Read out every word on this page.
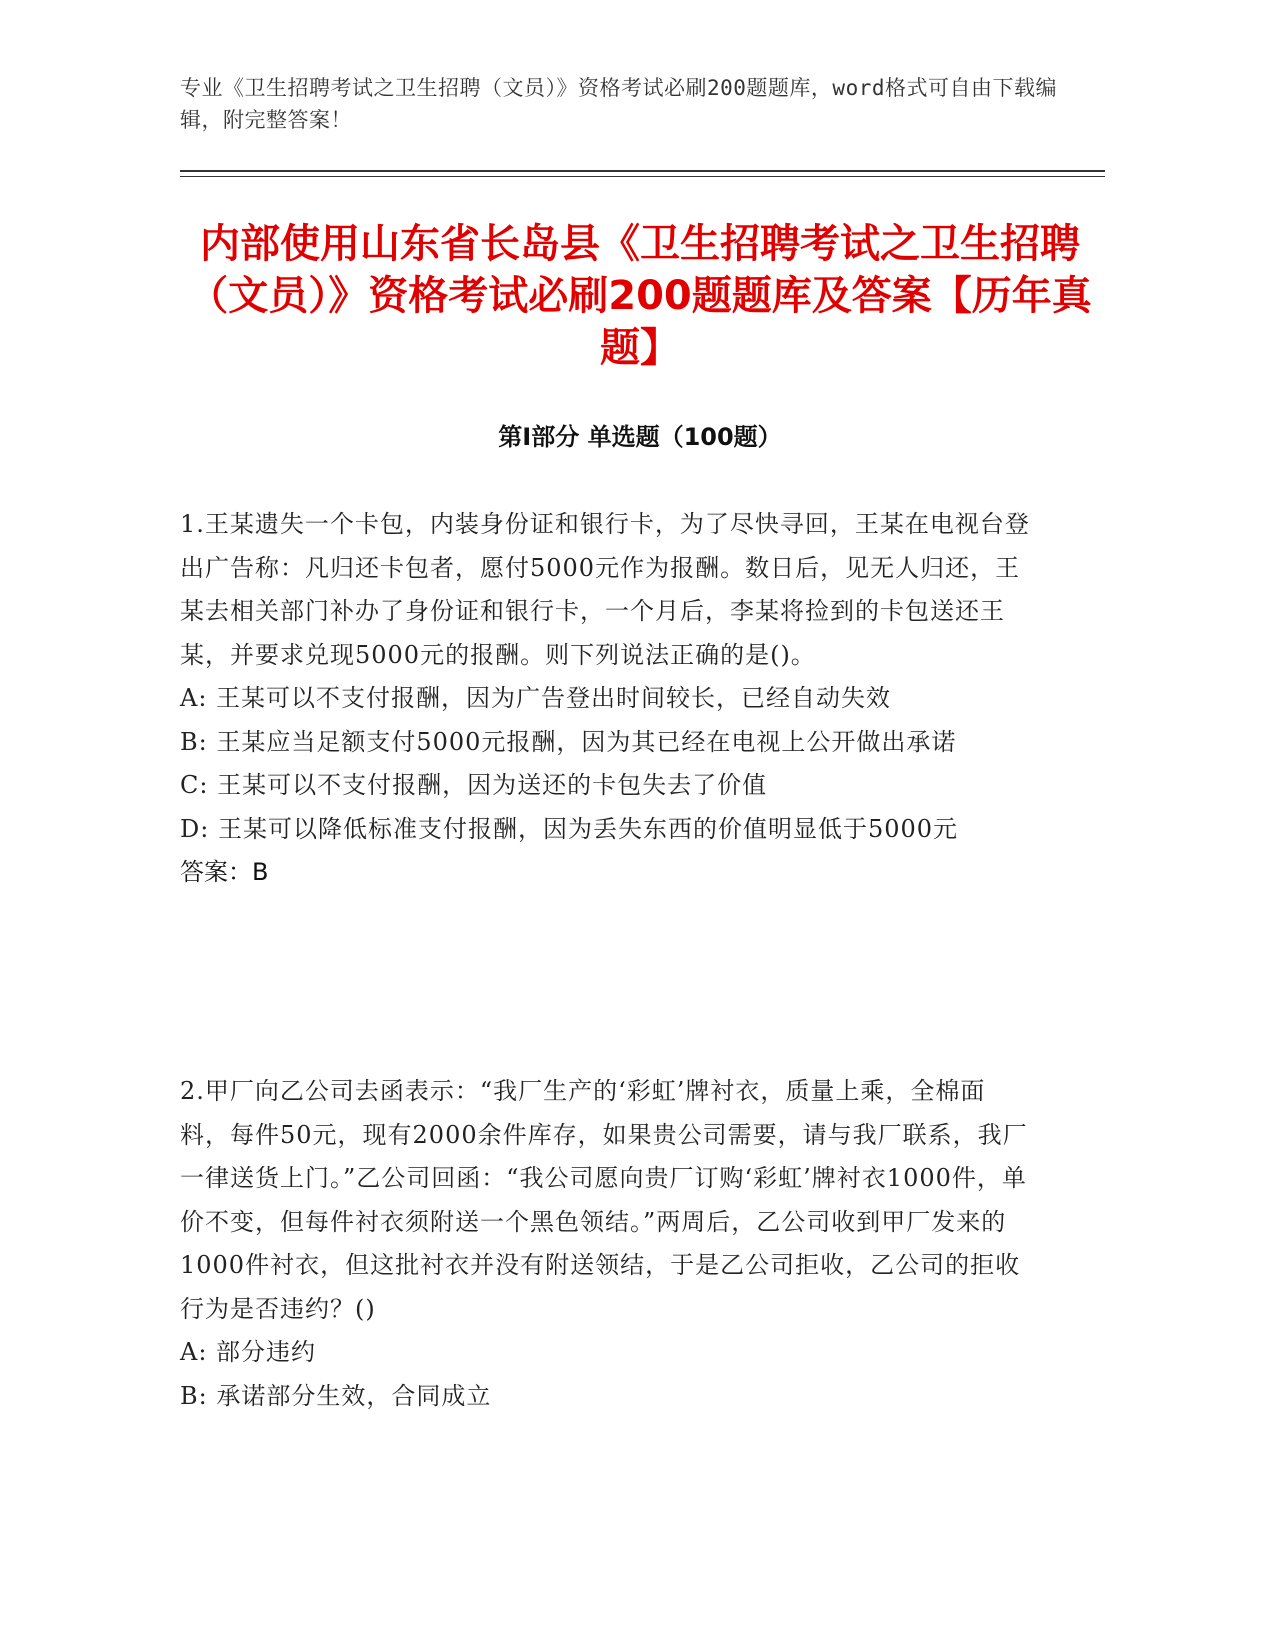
专业《卫生招聘考试之卫生招聘（文员）》资格考试必刷200题题库，word格式可自由下载编辑，附完整答案！
内部使用山东省长岛县《卫生招聘考试之卫生招聘（文员）》资格考试必刷200题题库及答案【历年真题】
第I部分 单选题（100题）

1.王某遗失一个卡包，内装身份证和银行卡，为了尽快寻回，王某在电视台登出广告称：凡归还卡包者，愿付5000元作为报酬。数日后，见无人归还，王某去相关部门补办了身份证和银行卡，一个月后，李某将捡到的卡包送还王某，并要求兑现5000元的报酬。则下列说法正确的是()。

A: 王某可以不支付报酬，因为广告登出时间较长，已经自动失效

B: 王某应当足额支付5000元报酬，因为其已经在电视上公开做出承诺

C: 王某可以不支付报酬，因为送还的卡包失去了价值

D: 王某可以降低标准支付报酬，因为丢失东西的价值明显低于5000元

答案：B

2.甲厂向乙公司去函表示：“我厂生产的‘彩虹’牌衬衣，质量上乘，全棉面料，每件50元，现有2000余件库存，如果贵公司需要，请与我厂联系，我厂一律送货上门。”乙公司回函：“我公司愿向贵厂订购‘彩虹’牌衬衣1000件，单价不变，但每件衬衣须附送一个黑色领结。”两周后，乙公司收到甲厂发来的1000件衬衣，但这批衬衣并没有附送领结，于是乙公司拒收，乙公司的拒收行为是否违约？()

A: 部分违约

B: 承诺部分生效，合同成立
